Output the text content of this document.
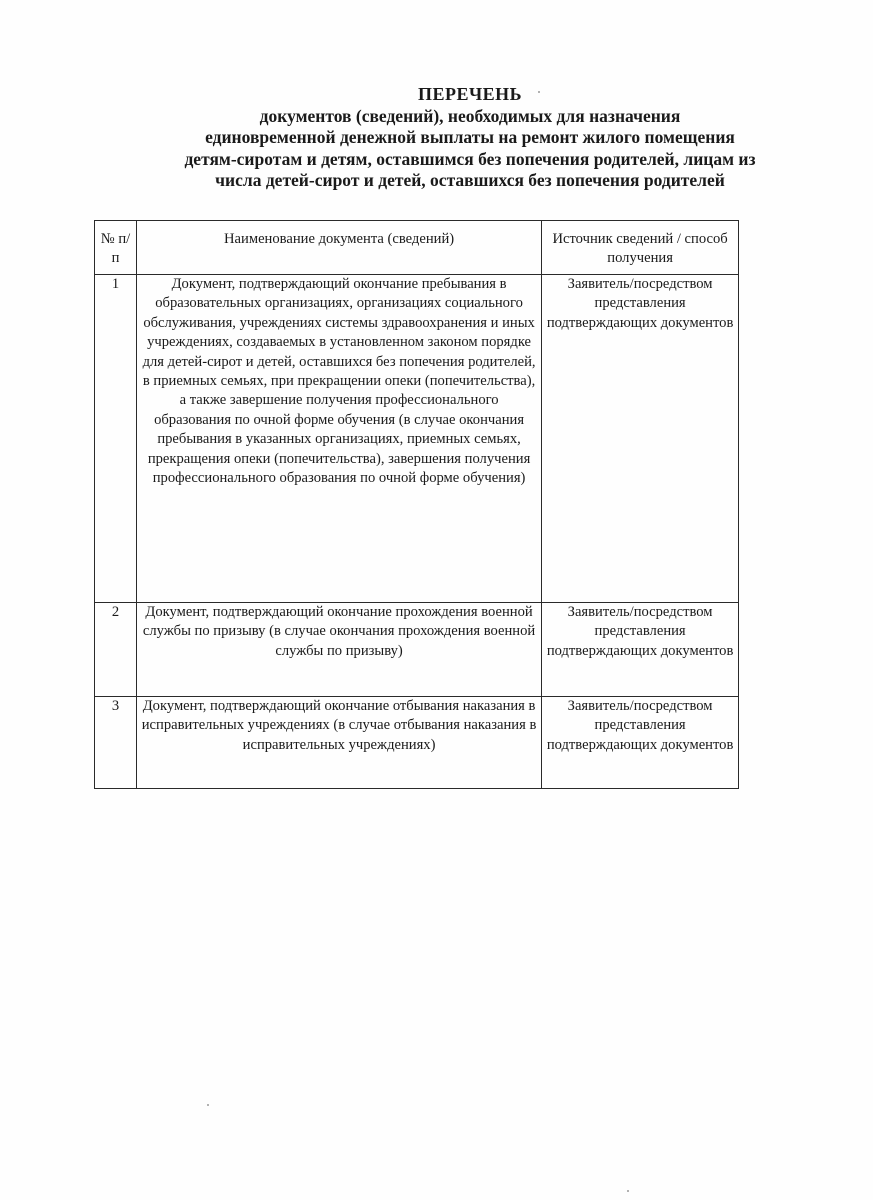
ПЕРЕЧЕНЬ
документов (сведений), необходимых для назначения
единовременной денежной выплаты на ремонт жилого помещения
детям-сиротам и детям, оставшимся без попечения родителей, лицам из
числа детей-сирот и детей, оставшихся без попечения родителей
№ п/п	Наименование документа (сведений)	Источник сведений / способ получения
1	Документ, подтверждающий окончание пребывания в образовательных организациях, организациях социального обслуживания, учреждениях системы здравоохранения и иных учреждениях, создаваемых в установленном законом порядке для детей-сирот и детей, оставшихся без попечения родителей, в приемных семьях, при прекращении опеки (попечительства), а также завершение получения профессионального образования по очной форме обучения (в случае окончания пребывания в указанных организациях, приемных семьях, прекращения опеки (попечительства), завершения получения профессионального образования по очной форме обучения)	Заявитель/посредством представления подтверждающих документов
2	Документ, подтверждающий окончание прохождения военной службы по призыву (в случае окончания прохождения военной службы по призыву)	Заявитель/посредством представления подтверждающих документов
3	Документ, подтверждающий окончание отбывания наказания в исправительных учреждениях (в случае отбывания наказания в исправительных учреждениях)	Заявитель/посредством представления подтверждающих документов
